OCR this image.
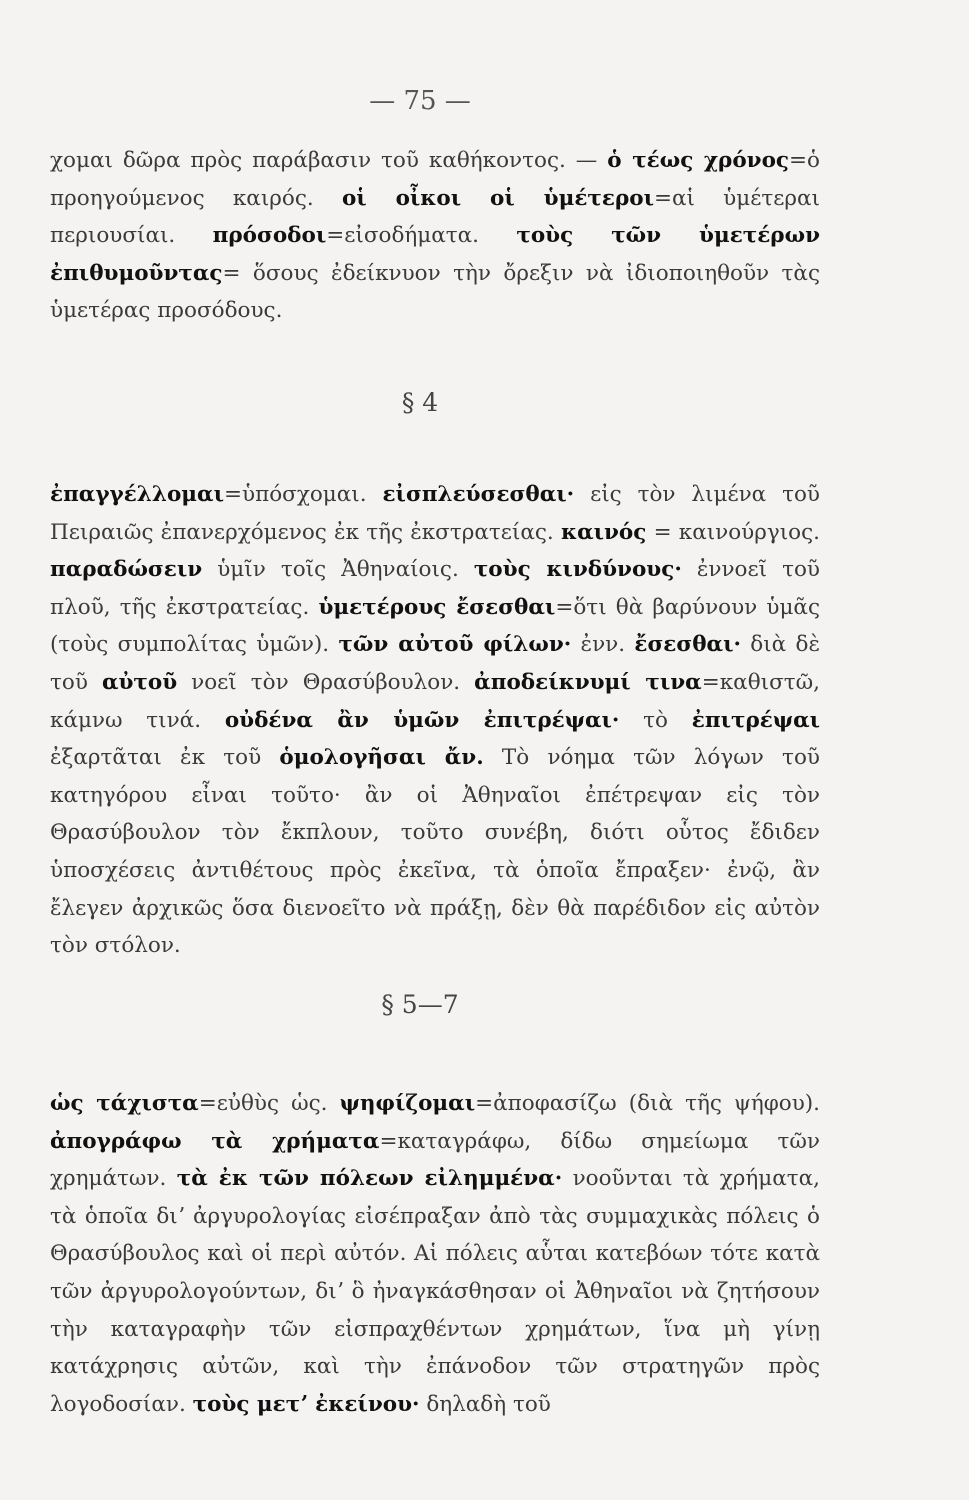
— 75 —
χομαι δῶρα πρὸς παράβασιν τοῦ καθήκοντος. — ὁ τέως χρόνος=ὁ προηγούμενος καιρός. οἱ οἶκοι οἱ ὑμέτεροι=αἱ ὑμέτεραι περιουσίαι. πρόσοδοι=εἰσοδήματα. τοὺς τῶν ὑμετέρων ἐπιθυμοῦντας= ὅσους ἐδείκνυον τὴν ὄρεξιν νὰ ἰδιοποιηθοῦν τὰς ὑμετέρας προσόδους.
§ 4
ἐπαγγέλλομαι=ὑπόσχομαι. εἰσπλεύσεσθαι· εἰς τὸν λιμένα τοῦ Πειραιῶς ἐπανερχόμενος ἐκ τῆς ἐκστρατείας. καινός = καινούργιος. παραδώσειν ὑμῖν τοῖς Ἀθηναίοις. τοὺς κινδύνους· ἐννοεῖ τοῦ πλοῦ, τῆς ἐκστρατείας. ὑμετέρους ἔσεσθαι=ὅτι θὰ βαρύνουν ὑμᾶς (τοὺς συμπολίτας ὑμῶν). τῶν αὐτοῦ φίλων· ἐνν. ἔσεσθαι· διὰ δὲ τοῦ αὐτοῦ νοεῖ τὸν Θρασύβουλον. ἀποδείκνυμί τινα=καθιστῶ, κάμνω τινά. οὐδένα ἂν ὑμῶν ἐπιτρέψαι· τὸ ἐπιτρέψαι ἐξαρτᾶται ἐκ τοῦ ὁμολογῆσαι ἄν. Τὸ νόημα τῶν λόγων τοῦ κατηγόρου εἶναι τοῦτο· ἂν οἱ Ἀθηναῖοι ἐπέτρεψαν εἰς τὸν Θρασύβουλον τὸν ἔκπλουν, τοῦτο συνέβη, διότι οὗτος ἔδιδεν ὑποσχέσεις ἀντιθέτους πρὸς ἐκεῖνα, τὰ ὁποῖα ἔπραξεν· ἐνῷ, ἂν ἔλεγεν ἀρχικῶς ὅσα διενοεῖτο νὰ πράξῃ, δὲν θὰ παρέδιδον εἰς αὐτὸν τὸν στόλον.
§ 5—7
ὡς τάχιστα=εὐθὺς ὡς. ψηφίζομαι=ἀποφασίζω (διὰ τῆς ψήφου). ἀπογράφω τὰ χρήματα=καταγράφω, δίδω σημείωμα τῶν χρημάτων. τὰ ἐκ τῶν πόλεων εἰλημμένα· νοοῦνται τὰ χρήματα, τὰ ὁποῖα διʼ ἀργυρολογίας εἰσέπραξαν ἀπὸ τὰς συμμαχικὰς πόλεις ὁ Θρασύβουλος καὶ οἱ περὶ αὐτόν. Αἱ πόλεις αὗται κατεβόων τότε κατὰ τῶν ἀργυρολογούντων, διʼ ὃ ἠναγκάσθησαν οἱ Ἀθηναῖοι νὰ ζητήσουν τὴν καταγραφὴν τῶν εἰσπραχθέντων χρημάτων, ἵνα μὴ γίνῃ κατάχρησις αὐτῶν, καὶ τὴν ἐπάνοδον τῶν στρατηγῶν πρὸς λογοδοσίαν. τοὺς μετʼ ἐκείνου· δηλαδὴ τοῦ
